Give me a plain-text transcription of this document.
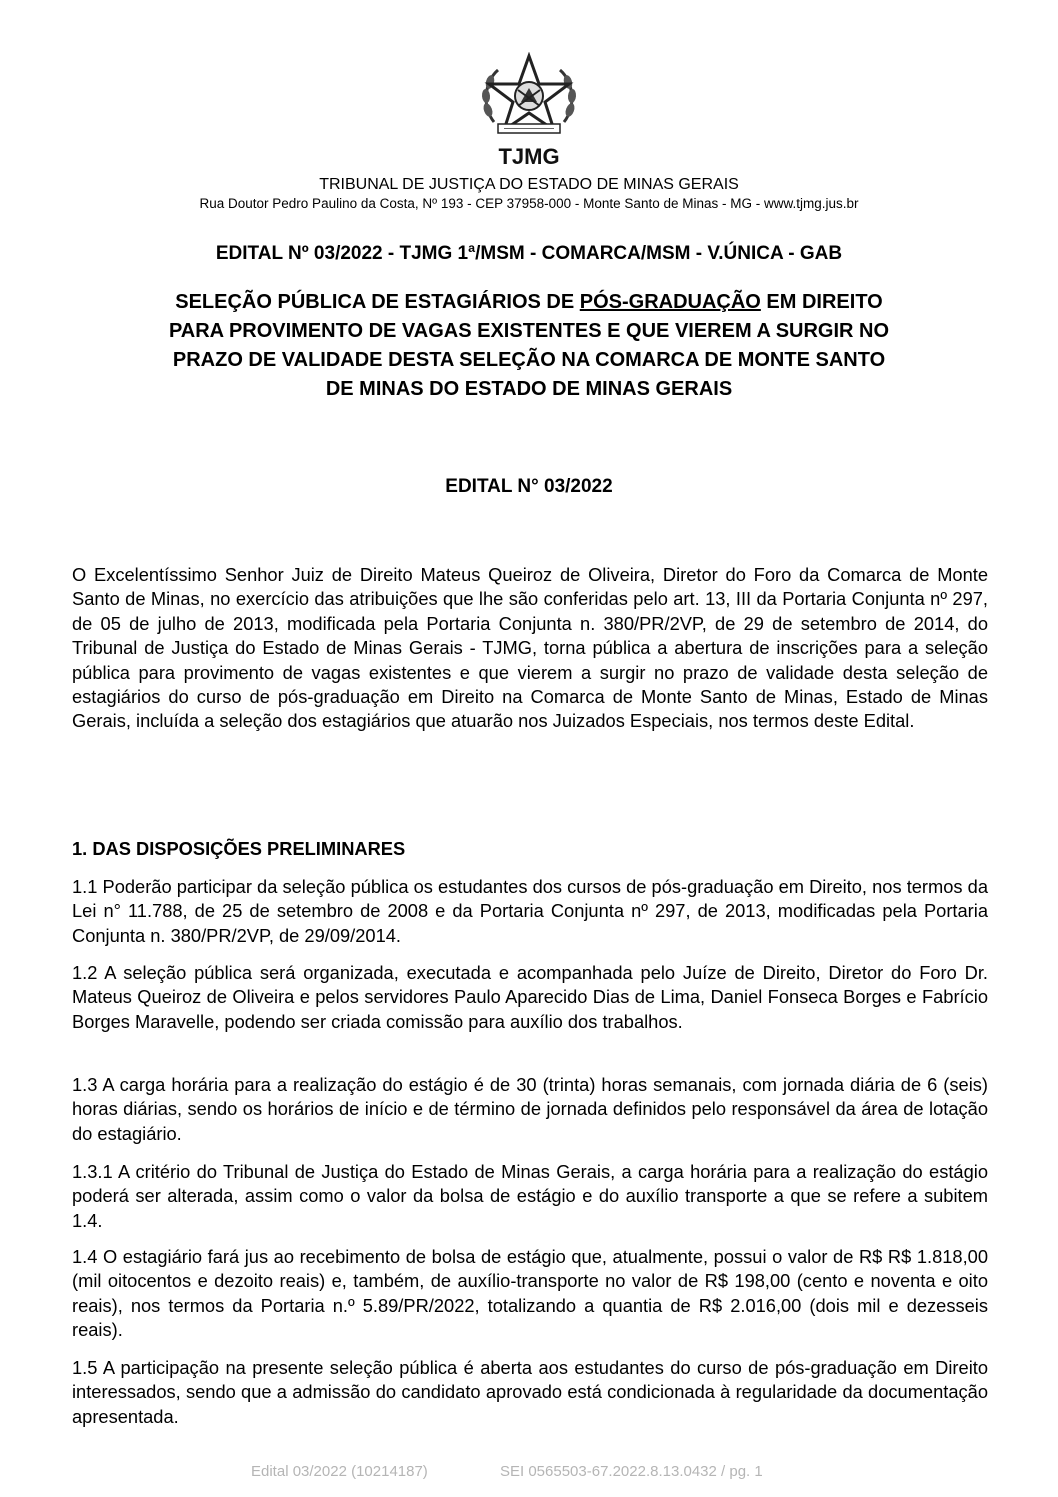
TJMG
TRIBUNAL DE JUSTIÇA DO ESTADO DE MINAS GERAIS
Rua Doutor Pedro Paulino da Costa, Nº 193 - CEP 37958-000 - Monte Santo de Minas - MG - www.tjmg.jus.br
EDITAL Nº 03/2022 - TJMG 1ª/MSM - COMARCA/MSM - V.ÚNICA - GAB
SELEÇÃO PÚBLICA DE ESTAGIÁRIOS DE PÓS-GRADUAÇÃO EM DIREITO
PARA PROVIMENTO DE VAGAS EXISTENTES E QUE VIEREM A SURGIR NO
PRAZO DE VALIDADE DESTA SELEÇÃO NA COMARCA DE MONTE SANTO
DE MINAS DO ESTADO DE MINAS GERAIS
EDITAL N° 03/2022
O Excelentíssimo Senhor Juiz de Direito Mateus Queiroz de Oliveira, Diretor do Foro da Comarca de Monte Santo de Minas, no exercício das atribuições que lhe são conferidas pelo art. 13, III da Portaria Conjunta nº 297, de 05 de julho de 2013, modificada pela Portaria Conjunta n. 380/PR/2VP, de 29 de setembro de 2014, do Tribunal de Justiça do Estado de Minas Gerais - TJMG, torna pública a abertura de inscrições para a seleção pública para provimento de vagas existentes e que vierem a surgir no prazo de validade desta seleção de estagiários do curso de pós-graduação em Direito na Comarca de Monte Santo de Minas, Estado de Minas Gerais, incluída a seleção dos estagiários que atuarão nos Juizados Especiais, nos termos deste Edital.
1. DAS DISPOSIÇÕES PRELIMINARES
1.1 Poderão participar da seleção pública os estudantes dos cursos de pós-graduação em Direito, nos termos da Lei n° 11.788, de 25 de setembro de 2008 e da Portaria Conjunta nº 297, de 2013, modificadas pela Portaria Conjunta n. 380/PR/2VP, de 29/09/2014.
1.2 A seleção pública será organizada, executada e acompanhada pelo Juíze de Direito, Diretor do Foro Dr. Mateus Queiroz de Oliveira e pelos servidores Paulo Aparecido Dias de Lima, Daniel Fonseca Borges e Fabrício Borges Maravelle, podendo ser criada comissão para auxílio dos trabalhos.
1.3 A carga horária para a realização do estágio é de 30 (trinta) horas semanais, com jornada diária de 6 (seis) horas diárias, sendo os horários de início e de término de jornada definidos pelo responsável da área de lotação do estagiário.
1.3.1 A critério do Tribunal de Justiça do Estado de Minas Gerais, a carga horária para a realização do estágio poderá ser alterada, assim como o valor da bolsa de estágio e do auxílio transporte a que se refere a subitem 1.4.
1.4 O estagiário fará jus ao recebimento de bolsa de estágio que, atualmente, possui o valor de R$ R$ 1.818,00 (mil oitocentos e dezoito reais) e, também, de auxílio-transporte no valor de R$ 198,00 (cento e noventa e oito reais), nos termos da Portaria n.º 5.89/PR/2022, totalizando a quantia de R$ 2.016,00 (dois mil e dezesseis reais).
1.5 A participação na presente seleção pública é aberta aos estudantes do curso de pós-graduação em Direito interessados, sendo que a admissão do candidato aprovado está condicionada à regularidade da documentação apresentada.
Edital 03/2022 (10214187)	SEI 0565503-67.2022.8.13.0432 / pg. 1
